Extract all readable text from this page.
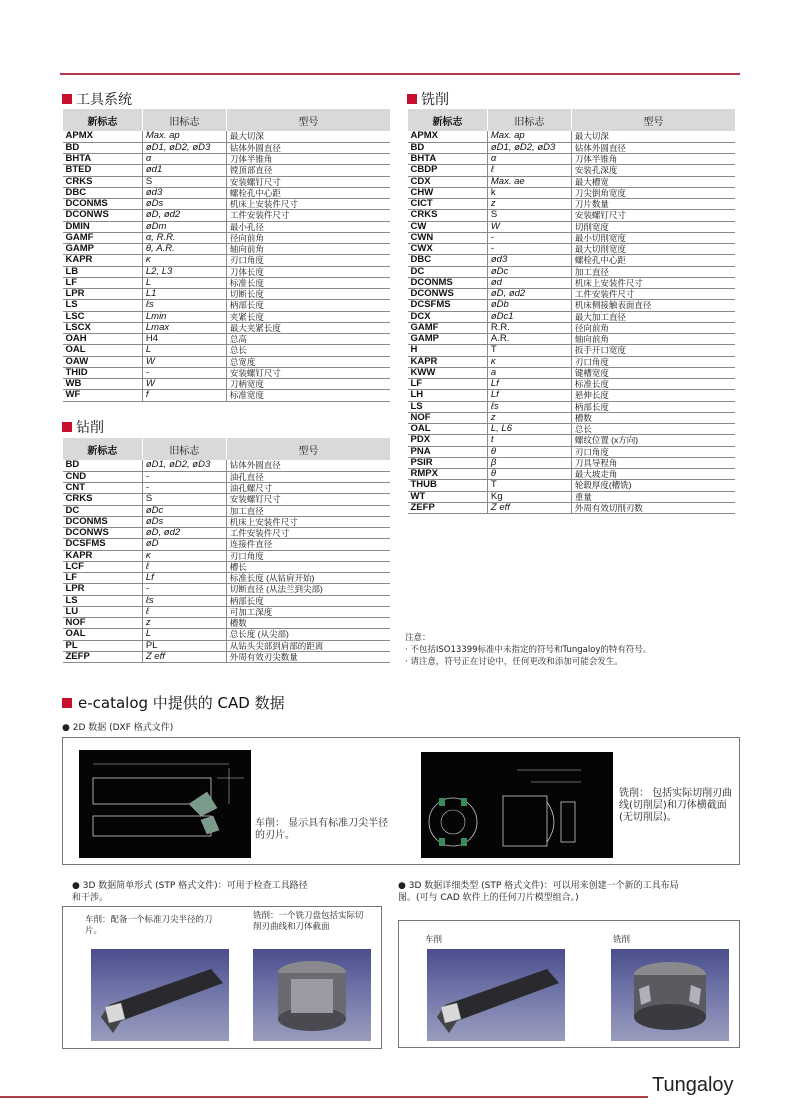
工具系统
新标志	旧标志	型号
APMX	Max. ap	最大切深
BD	øD1, øD2, øD3	钻体外圆直径
BHTA	α	刀体半锥角
BTED	ød1	镗顶部直径
CRKS	S	安装螺钉尺寸
DBC	ød3	螺栓孔中心距
DCONMS	øDs	机床上安装件尺寸
DCONWS	øD, ød2	工件安装件尺寸
DMIN	øDm	最小孔径
GAMF	α, R.R.	径向前角
GAMP	θ, A.R.	轴向前角
KAPR	κ	刃口角度
LB	L2, L3	刀体长度
LF	L	标准长度
LPR	L1	切断长度
LS	ℓs	柄部长度
LSC	Lmin	夹紧长度
LSCX	Lmax	最大夹紧长度
OAH	H4	总高
OAL	L	总长
OAW	W	总宽度
THID	-	安装螺钉尺寸
WB	W	刀柄宽度
WF	f	标准宽度
钻削
新标志	旧标志	型号
BD	øD1, øD2, øD3	钻体外圆直径
CND	-	油孔直径
CNT	-	油孔螺尺寸
CRKS	S	安装螺钉尺寸
DC	øDc	加工直径
DCONMS	øDs	机床上安装件尺寸
DCONWS	øD, ød2	工件安装件尺寸
DCSFMS	øD	连接件直径
KAPR	κ	刃口角度
LCF	ℓ	槽长
LF	Lf	标准长度 (从钻肩开始)
LPR	-	切断直径 (从法兰到尖部)
LS	ℓs	柄部长度
LU	ℓ	可加工深度
NOF	z	槽数
OAL	L	总长度 (从尖部)
PL	PL	从钻头尖部到肩部的距离
ZEFP	Z eff	外周有效刃尖数量
铣削
新标志	旧标志	型号
APMX	Max. ap	最大切深
BD	øD1, øD2, øD3	钻体外圆直径
BHTA	α	刀体半锥角
CBDP	ℓ	安装孔深度
CDX	Max. ae	最大槽宽
CHW	k	刀尖倒角宽度
CICT	z	刀片数量
CRKS	S	安装螺钉尺寸
CW	W	切削宽度
CWN	-	最小切削宽度
CWX	-	最大切削宽度
DBC	ød3	螺栓孔中心距
DC	øDc	加工直径
DCONMS	ød	机床上安装件尺寸
DCONWS	øD, ød2	工件安装件尺寸
DCSFMS	øDb	机床侧接触表面直径
DCX	øDc1	最大加工直径
GAMF	R.R.	径向前角
GAMP	A.R.	轴向前角
H	T	扳手开口宽度
KAPR	κ	刃口角度
KWW	a	键槽宽度
LF	Lf	标准长度
LH	Lf	悬伸长度
LS	ℓs	柄部长度
NOF	z	槽数
OAL	L, L6	总长
PDX	t	螺纹位置 (x方向)
PNA	θ	刃口角度
PSIR	β	刀具导程角
RMPX	θ	最大坡走角
THUB	T	轮毂厚度(槽铣)
WT	Kg	重量
ZEFP	Z eff	外周有效切削刃数
注意：
· 不包括ISO13399标准中未指定的符号和Tungaloy的特有符号。
· 请注意，符号正在讨论中，任何更改和添加可能会发生。
e-catalog 中提供的 CAD 数据
● 2D 数据 (DXF 格式文件)
车削： 显示具有标准刀尖半径的刃片。
铣削： 包括实际切削刃曲线(切削层)和刀体横截面(无切削层)。
● 3D 数据简单形式 (STP 格式文件)：可用于检查工具路径和干涉。
● 3D 数据详细类型 (STP 格式文件)：可以用来创建一个新的工具布局图。(可与 CAD 软件上的任何刀片模型组合。)
车削：配备一个标准刀尖半径的刀片。
铣削：一个铣刀盘包括实际切削刃曲线和刀体截面
车削	铣削
Tungaloy
